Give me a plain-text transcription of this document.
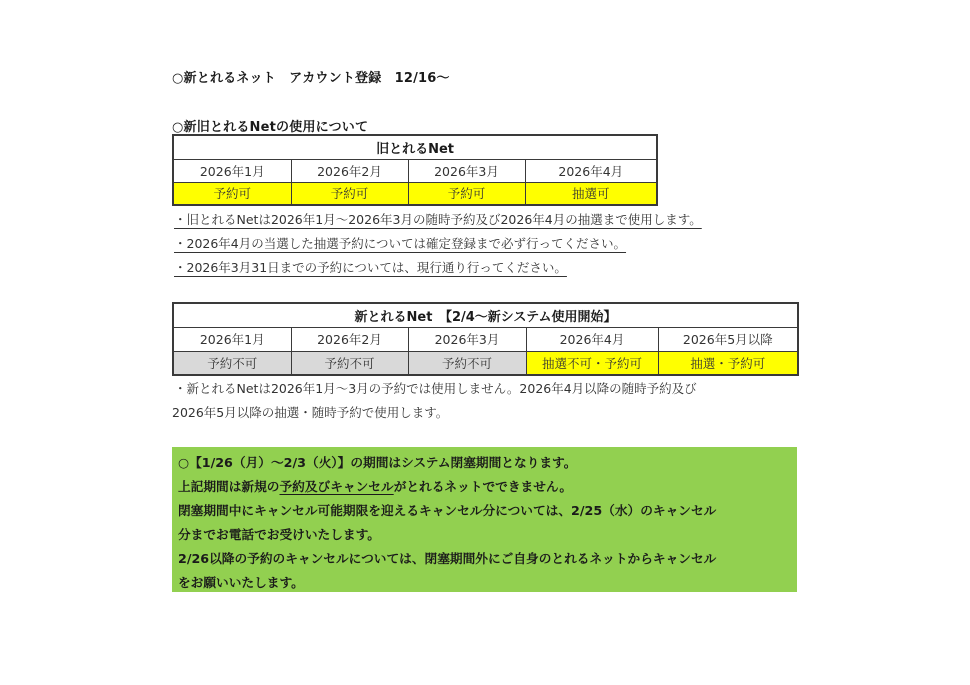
○新とれるネット　アカウント登録　12/16～
○新旧とれるNetの使用について
旧とれるNet			
2026年1月	2026年2月	2026年3月	2026年4月
予約可	予約可	予約可	抽選可
・旧とれるNetは2026年1月～2026年3月の随時予約及び2026年4月の抽選まで使用します。
・2026年4月の当選した抽選予約については確定登録まで必ず行ってください。
・2026年3月31日までの予約については、現行通り行ってください。
新とれるNet　【2/4～新システム使用開始】				
2026年1月	2026年2月	2026年3月	2026年4月	2026年5月以降
予約不可	予約不可	予約不可	抽選不可・予約可	抽選・予約可
・新とれるNetは2026年1月～3月の予約では使用しません。2026年4月以降の随時予約及び
2026年5月以降の抽選・随時予約で使用します。
○【1/26（月）～2/3（火）】の期間はシステム閉塞期間となります。
上記期間は新規の予約及びキャンセルがとれるネットでできません。
閉塞期間中にキャンセル可能期限を迎えるキャンセル分については、2/25（水）のキャンセル
分までお電話でお受けいたします。
2/26以降の予約のキャンセルについては、閉塞期間外にご自身のとれるネットからキャンセル
をお願いいたします。
